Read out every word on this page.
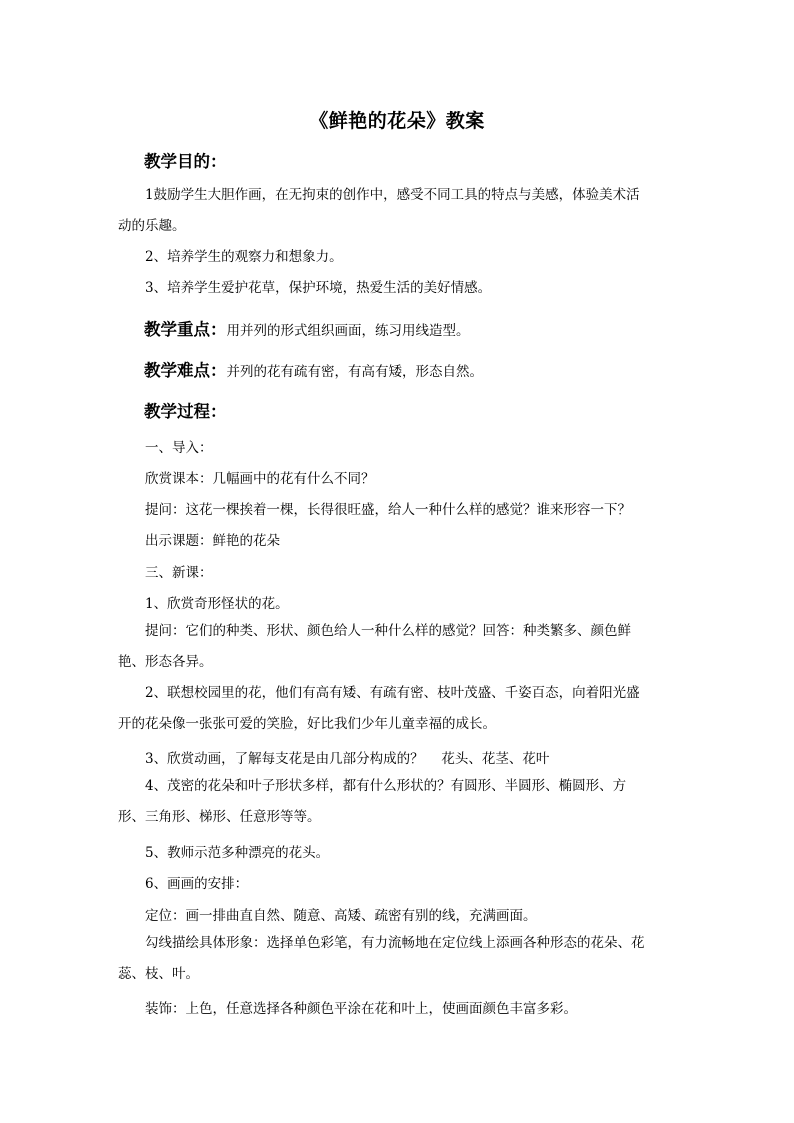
《鲜艳的花朵》教案
教学目的：
1鼓励学生大胆作画，在无拘束的创作中，感受不同工具的特点与美感，体验美术活动的乐趣。
2、培养学生的观察力和想象力。
3、培养学生爱护花草，保护环境，热爱生活的美好情感。
教学重点：用并列的形式组织画面，练习用线造型。
教学难点：并列的花有疏有密，有高有矮，形态自然。
教学过程：
一、导入：
欣赏课本：几幅画中的花有什么不同？
提问：这花一棵挨着一棵，长得很旺盛，给人一种什么样的感觉？谁来形容一下？
出示课题：鲜艳的花朵
三、新课：
1、欣赏奇形怪状的花。
提问：它们的种类、形状、颜色给人一种什么样的感觉？回答：种类繁多、颜色鲜艳、形态各异。
2、联想校园里的花，他们有高有矮、有疏有密、枝叶茂盛、千姿百态，向着阳光盛开的花朵像一张张可爱的笑脸，好比我们少年儿童幸福的成长。
3、欣赏动画，了解每支花是由几部分构成的？　 花头、花茎、花叶
4、茂密的花朵和叶子形状多样，都有什么形状的？有圆形、半圆形、椭圆形、方形、三角形、梯形、任意形等等。
5、教师示范多种漂亮的花头。
6、画画的安排：
定位：画一排曲直自然、随意、高矮、疏密有别的线，充满画面。
勾线描绘具体形象：选择单色彩笔，有力流畅地在定位线上添画各种形态的花朵、花蕊、枝、叶。
装饰：上色，任意选择各种颜色平涂在花和叶上，使画面颜色丰富多彩。
